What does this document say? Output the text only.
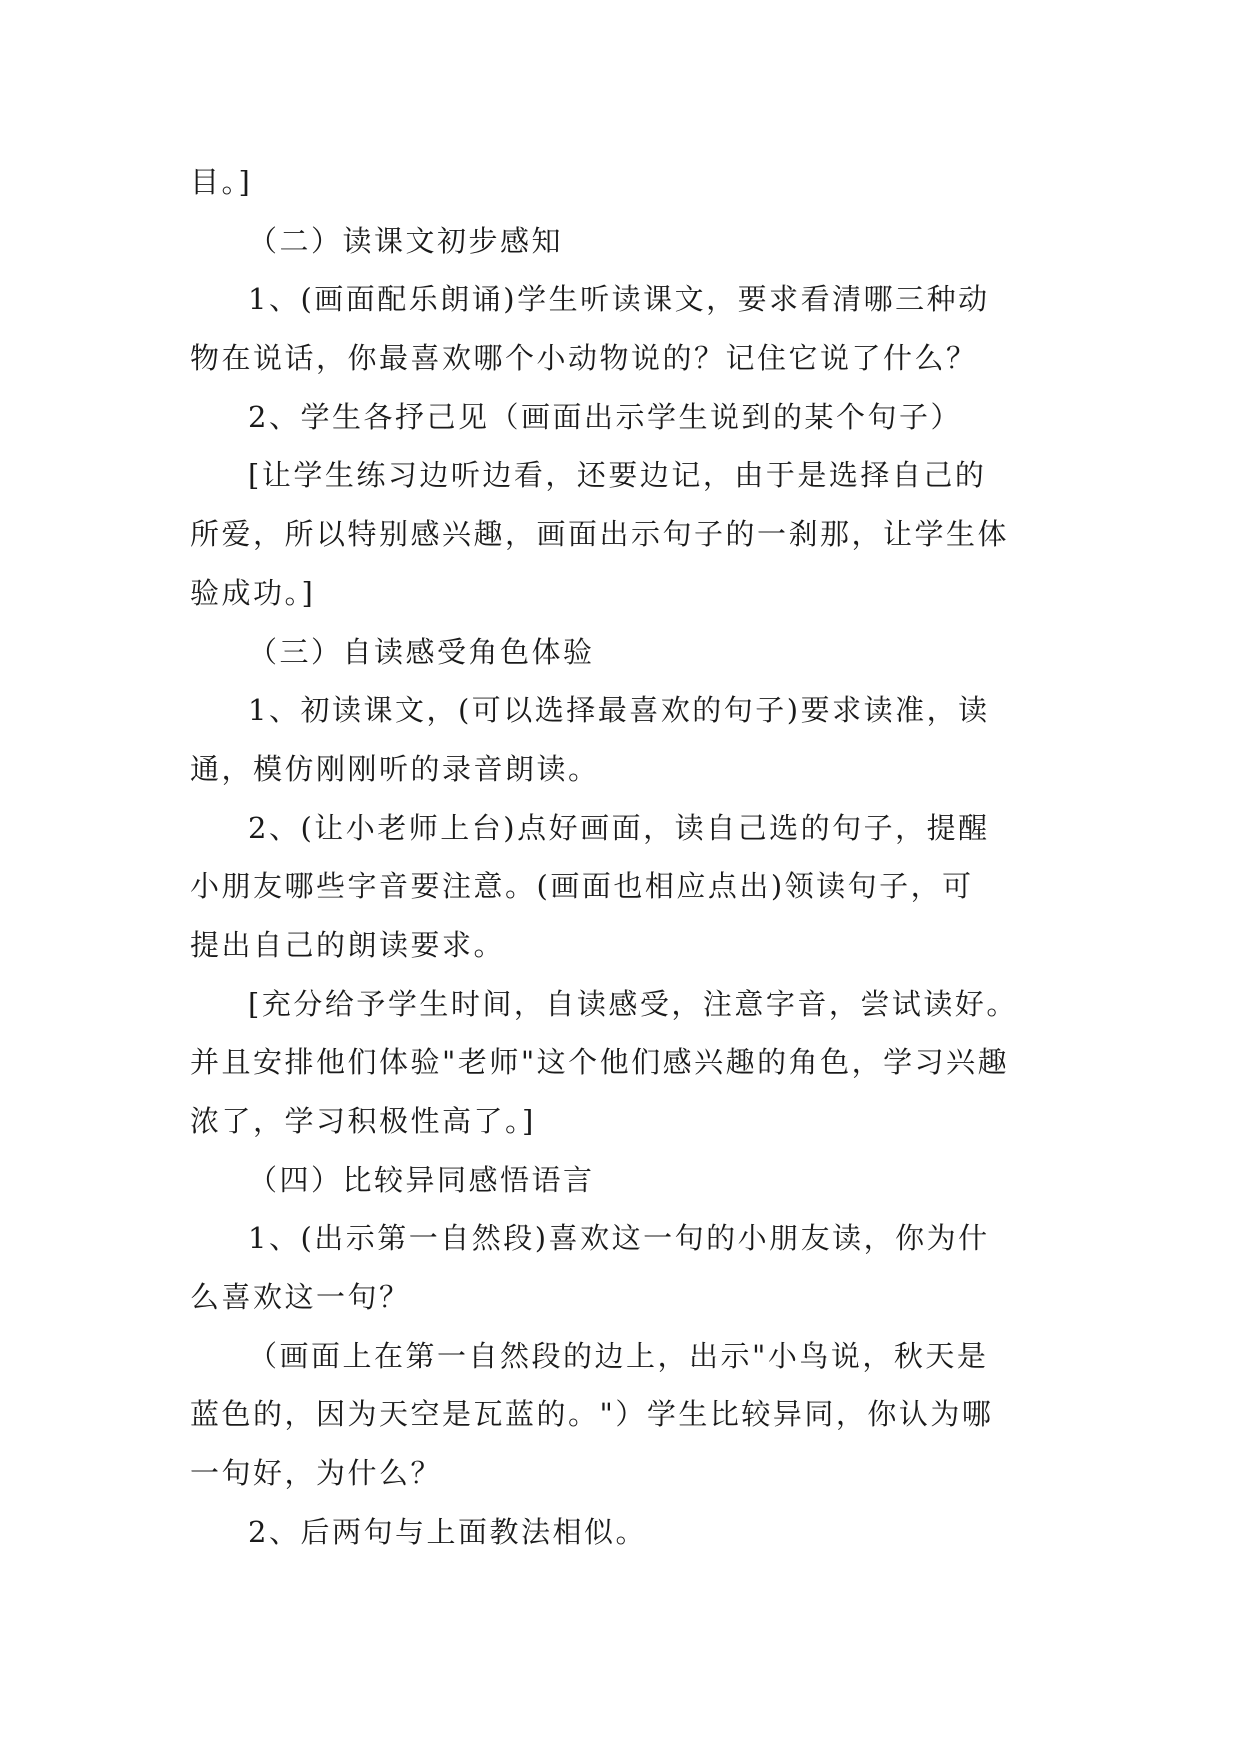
目。]
（二）读课文初步感知
1、(画面配乐朗诵)学生听读课文，要求看清哪三种动
物在说话，你最喜欢哪个小动物说的？记住它说了什么？
2、学生各抒己见（画面出示学生说到的某个句子）
[让学生练习边听边看，还要边记，由于是选择自己的
所爱，所以特别感兴趣，画面出示句子的一刹那，让学生体
验成功。]
（三）自读感受角色体验
1、初读课文，(可以选择最喜欢的句子)要求读准，读
通，模仿刚刚听的录音朗读。
2、(让小老师上台)点好画面，读自己选的句子，提醒
小朋友哪些字音要注意。(画面也相应点出)领读句子，可
提出自己的朗读要求。
[充分给予学生时间，自读感受，注意字音，尝试读好。
并且安排他们体验"老师"这个他们感兴趣的角色，学习兴趣
浓了，学习积极性高了。]
（四）比较异同感悟语言
1、(出示第一自然段)喜欢这一句的小朋友读，你为什
么喜欢这一句？
（画面上在第一自然段的边上，出示"小鸟说，秋天是
蓝色的，因为天空是瓦蓝的。"）学生比较异同，你认为哪
一句好，为什么？
2、后两句与上面教法相似。
